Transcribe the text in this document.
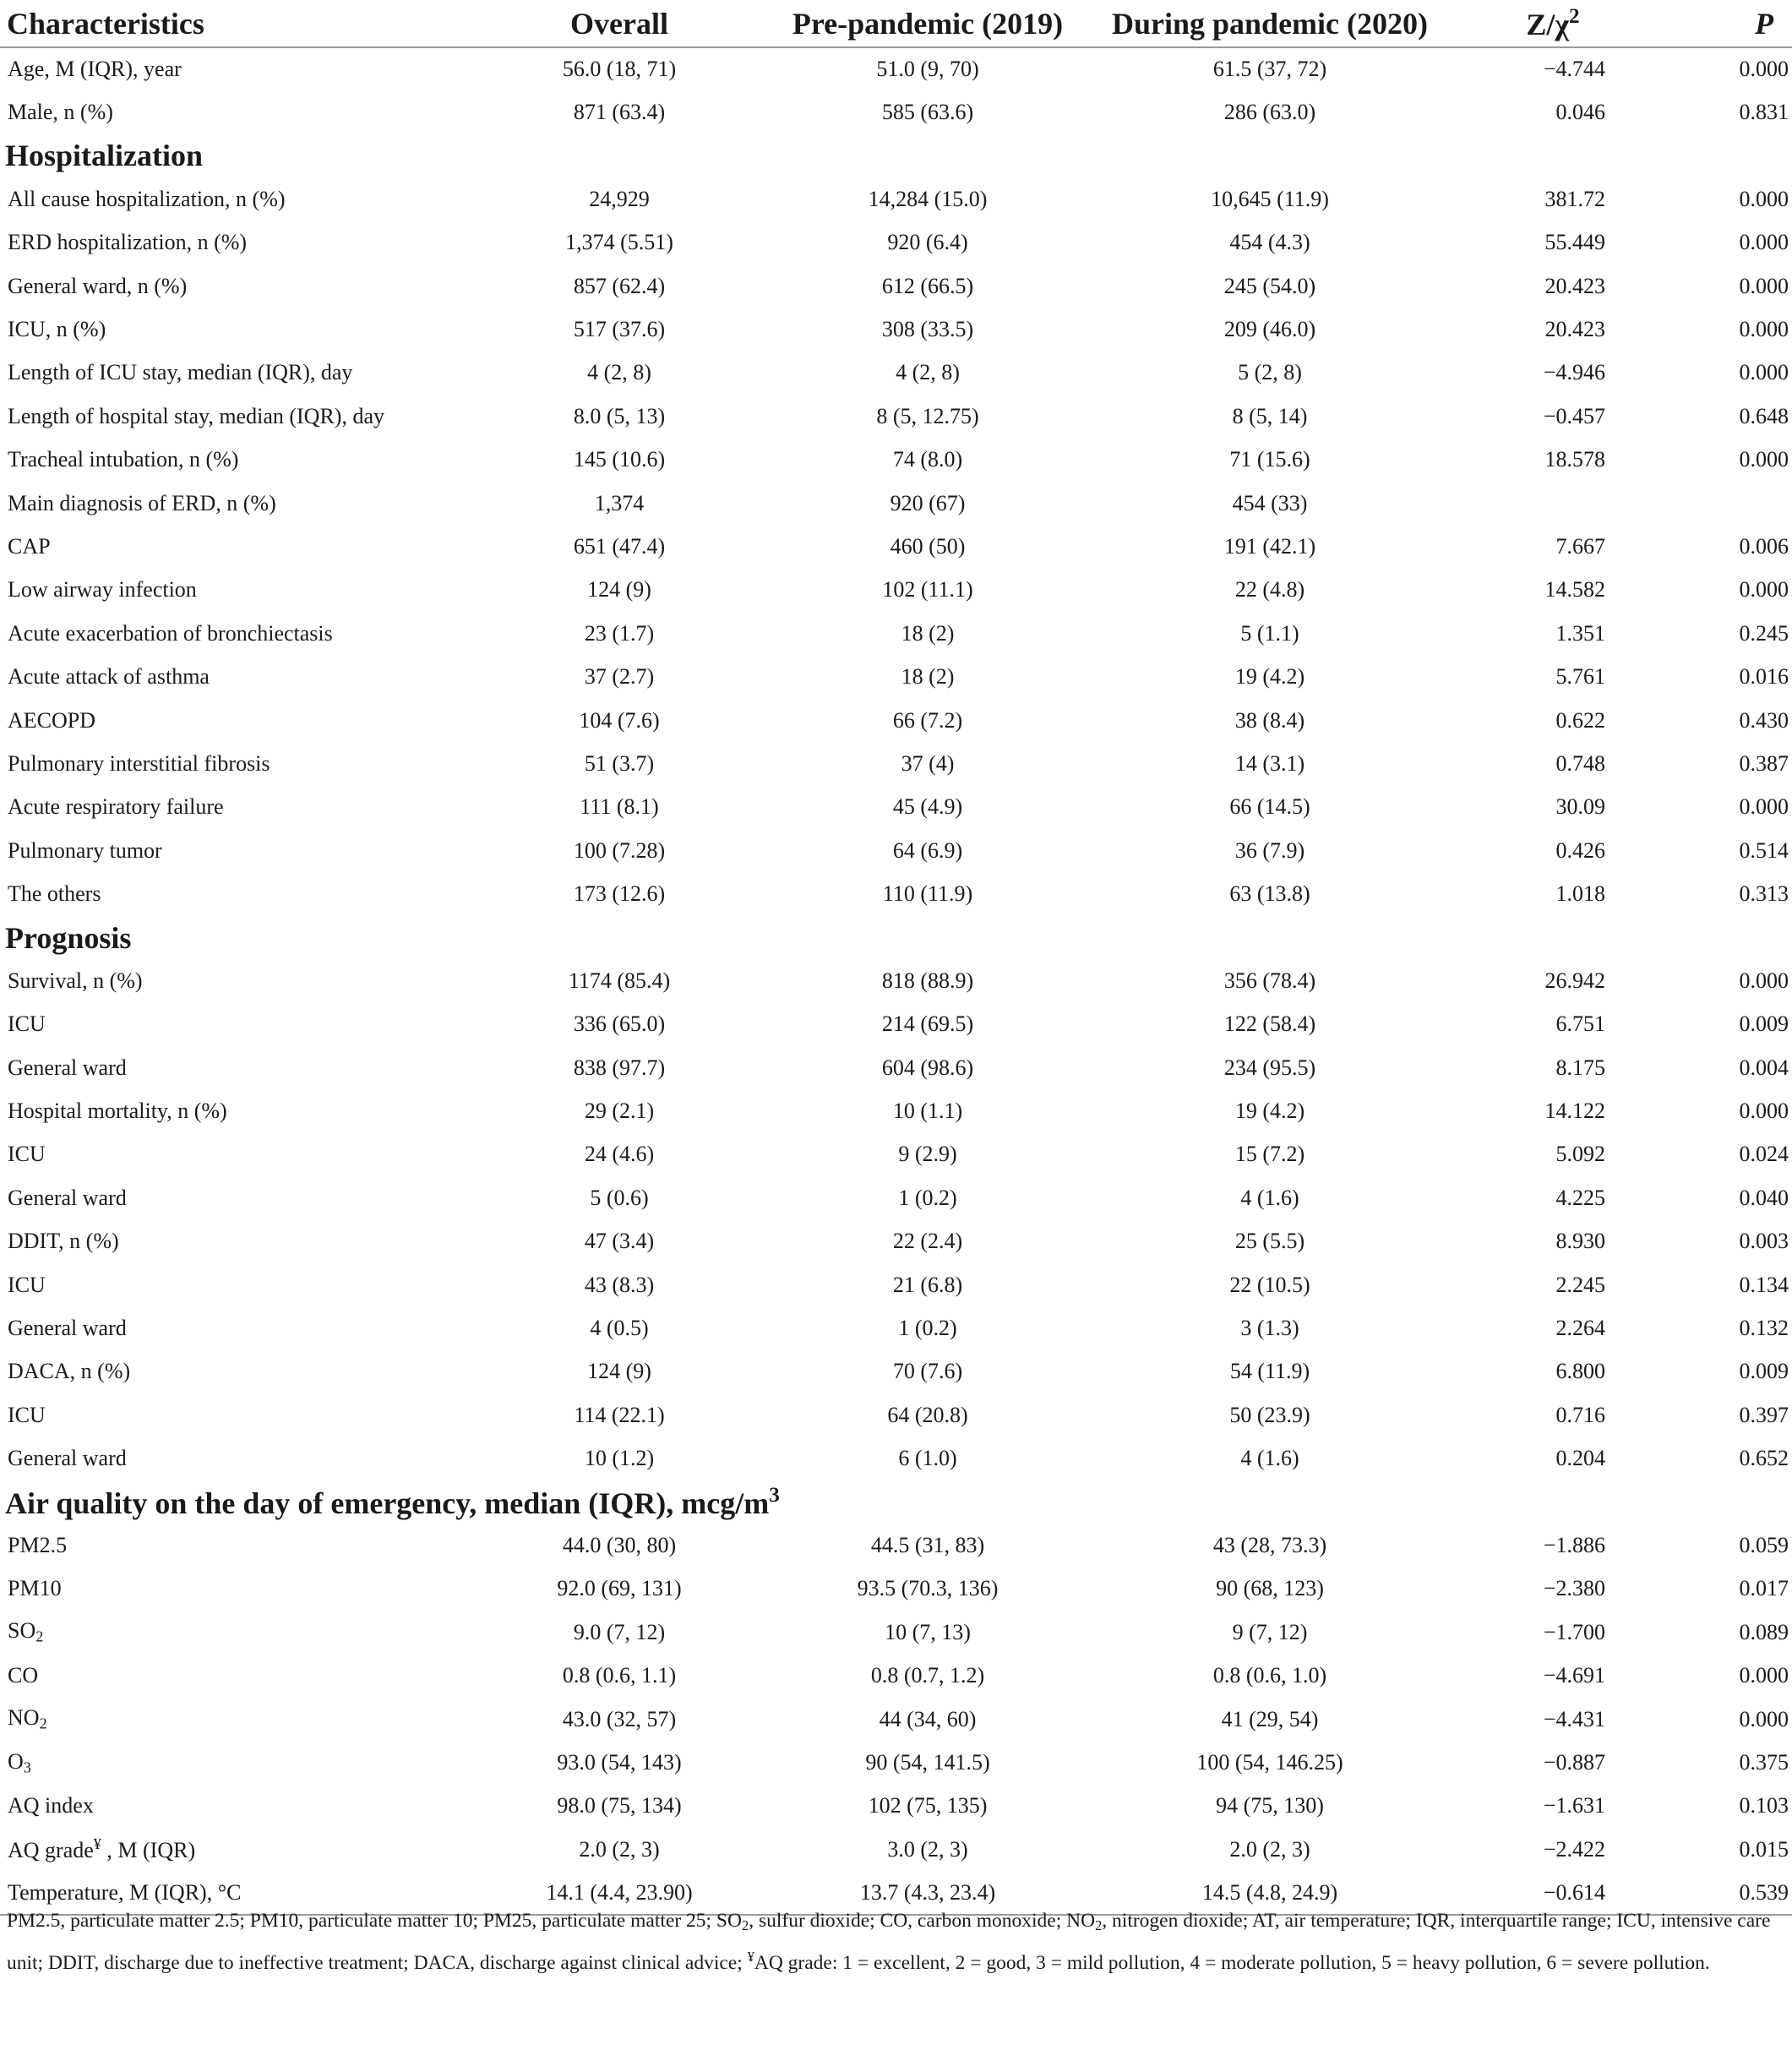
Characteristics	Overall	Pre-pandemic (2019)	During pandemic (2020)	$Z/\chi^2$	P
Age, M (IQR), year	56.0 (18, 71)	51.0 (9, 70)	61.5 (37, 72)	−4.744	0.000
Male, n (%)	871 (63.4)	585 (63.6)	286 (63.0)	0.046	0.831
Hospitalization					
All cause hospitalization, n (%)	24,929	14,284 (15.0)	10,645 (11.9)	381.72	0.000
ERD hospitalization, n (%)	1,374 (5.51)	920 (6.4)	454 (4.3)	55.449	0.000
General ward, n (%)	857 (62.4)	612 (66.5)	245 (54.0)	20.423	0.000
ICU, n (%)	517 (37.6)	308 (33.5)	209 (46.0)	20.423	0.000
Length of ICU stay, median (IQR), day	4 (2, 8)	4 (2, 8)	5 (2, 8)	−4.946	0.000
Length of hospital stay, median (IQR), day	8.0 (5, 13)	8 (5, 12.75)	8 (5, 14)	−0.457	0.648
Tracheal intubation, n (%)	145 (10.6)	74 (8.0)	71 (15.6)	18.578	0.000
Main diagnosis of ERD, n (%)	1,374	920 (67)	454 (33)		
CAP	651 (47.4)	460 (50)	191 (42.1)	7.667	0.006
Low airway infection	124 (9)	102 (11.1)	22 (4.8)	14.582	0.000
Acute exacerbation of bronchiectasis	23 (1.7)	18 (2)	5 (1.1)	1.351	0.245
Acute attack of asthma	37 (2.7)	18 (2)	19 (4.2)	5.761	0.016
AECOPD	104 (7.6)	66 (7.2)	38 (8.4)	0.622	0.430
Pulmonary interstitial fibrosis	51 (3.7)	37 (4)	14 (3.1)	0.748	0.387
Acute respiratory failure	111 (8.1)	45 (4.9)	66 (14.5)	30.09	0.000
Pulmonary tumor	100 (7.28)	64 (6.9)	36 (7.9)	0.426	0.514
The others	173 (12.6)	110 (11.9)	63 (13.8)	1.018	0.313
Prognosis					
Survival, n (%)	1174 (85.4)	818 (88.9)	356 (78.4)	26.942	0.000
ICU	336 (65.0)	214 (69.5)	122 (58.4)	6.751	0.009
General ward	838 (97.7)	604 (98.6)	234 (95.5)	8.175	0.004
Hospital mortality, n (%)	29 (2.1)	10 (1.1)	19 (4.2)	14.122	0.000
ICU	24 (4.6)	9 (2.9)	15 (7.2)	5.092	0.024
General ward	5 (0.6)	1 (0.2)	4 (1.6)	4.225	0.040
DDIT, n (%)	47 (3.4)	22 (2.4)	25 (5.5)	8.930	0.003
ICU	43 (8.3)	21 (6.8)	22 (10.5)	2.245	0.134
General ward	4 (0.5)	1 (0.2)	3 (1.3)	2.264	0.132
DACA, n (%)	124 (9)	70 (7.6)	54 (11.9)	6.800	0.009
ICU	114 (22.1)	64 (20.8)	50 (23.9)	0.716	0.397
General ward	10 (1.2)	6 (1.0)	4 (1.6)	0.204	0.652
Air quality on the day of emergency, median (IQR), mcg/$m^3$
PM2.5	44.0 (30, 80)	44.5 (31, 83)	43 (28, 73.3)	−1.886	0.059
PM10	92.0 (69, 131)	93.5 (70.3, 136)	90 (68, 123)	−2.380	0.017
$SO_2$	9.0 (7, 12)	10 (7, 13)	9 (7, 12)	−1.700	0.089
CO	0.8 (0.6, 1.1)	0.8 (0.7, 1.2)	0.8 (0.6, 1.0)	−4.691	0.000
$NO_2$	43.0 (32, 57)	44 (34, 60)	41 (29, 54)	−4.431	0.000
$O_3$	93.0 (54, 143)	90 (54, 141.5)	100 (54, 146.25)	−0.887	0.375
AQ index	98.0 (75, 134)	102 (75, 135)	94 (75, 130)	−1.631	0.103
AQ grade¥ , M (IQR)	2.0 (2, 3)	3.0 (2, 3)	2.0 (2, 3)	−2.422	0.015
Temperature, M (IQR), °C	14.1 (4.4, 23.90)	13.7 (4.3, 23.4)	14.5 (4.8, 24.9)	−0.614	0.539
PM2.5, particulate matter 2.5; PM10, particulate matter 10; PM25, particulate matter 25; $SO_2$, sulfur dioxide; CO, carbon monoxide; $NO_2$, nitrogen dioxide; AT, air temperature; IQR, interquartile range; ICU, intensive care unit; DDIT, discharge due to ineffective treatment; DACA, discharge against clinical advice; ¥AQ grade: 1 = excellent, 2 = good, 3 = mild pollution, 4 = moderate pollution, 5 = heavy pollution, 6 = severe pollution.
